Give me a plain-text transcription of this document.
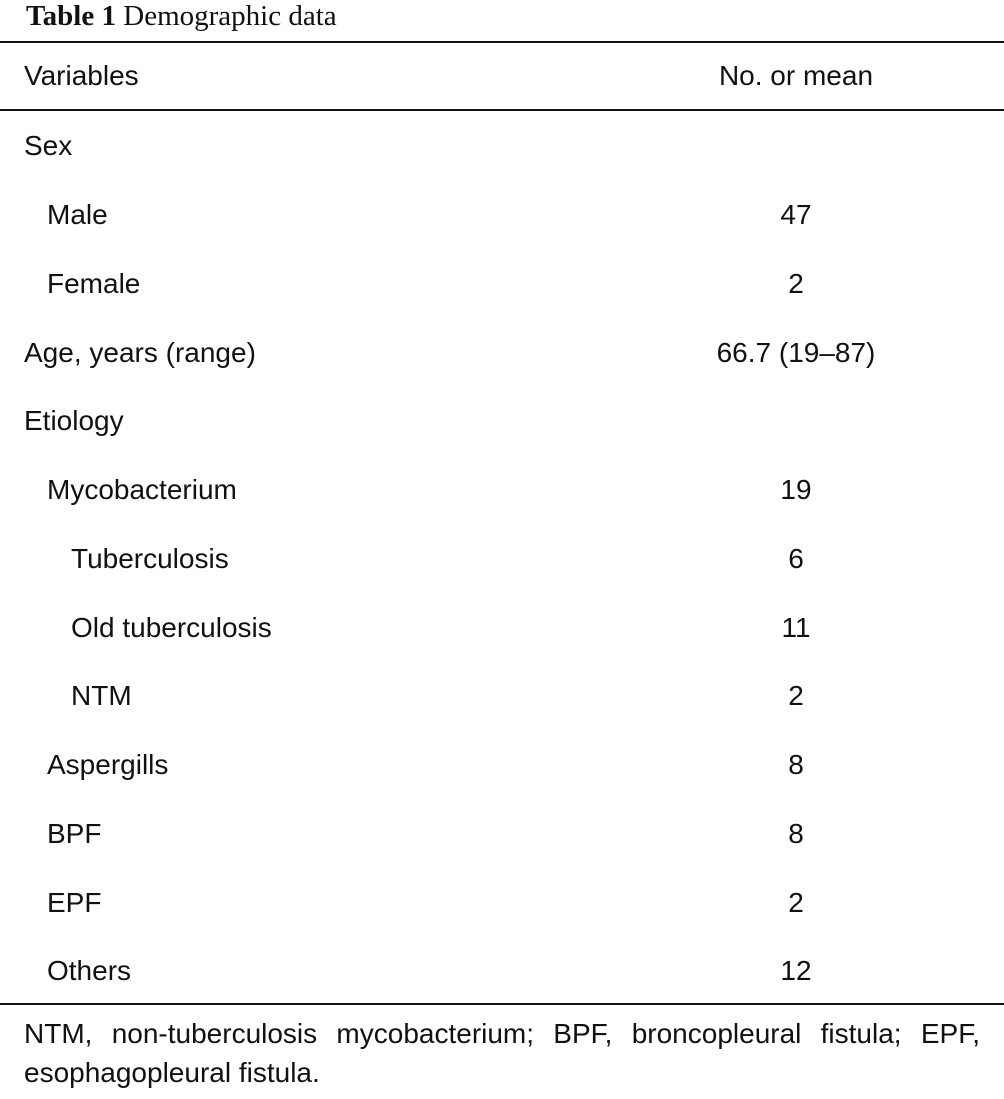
Table 1 Demographic data
Variables	No. or mean
Sex
Male	47
Female	2
Age, years (range)	66.7 (19–87)
Etiology
Mycobacterium	19
Tuberculosis	6
Old tuberculosis	11
NTM	2
Aspergills	8
BPF	8
EPF	2
Others	12
NTM, non-tuberculosis mycobacterium; BPF, broncopleural fistula; EPF, esophagopleural fistula.
